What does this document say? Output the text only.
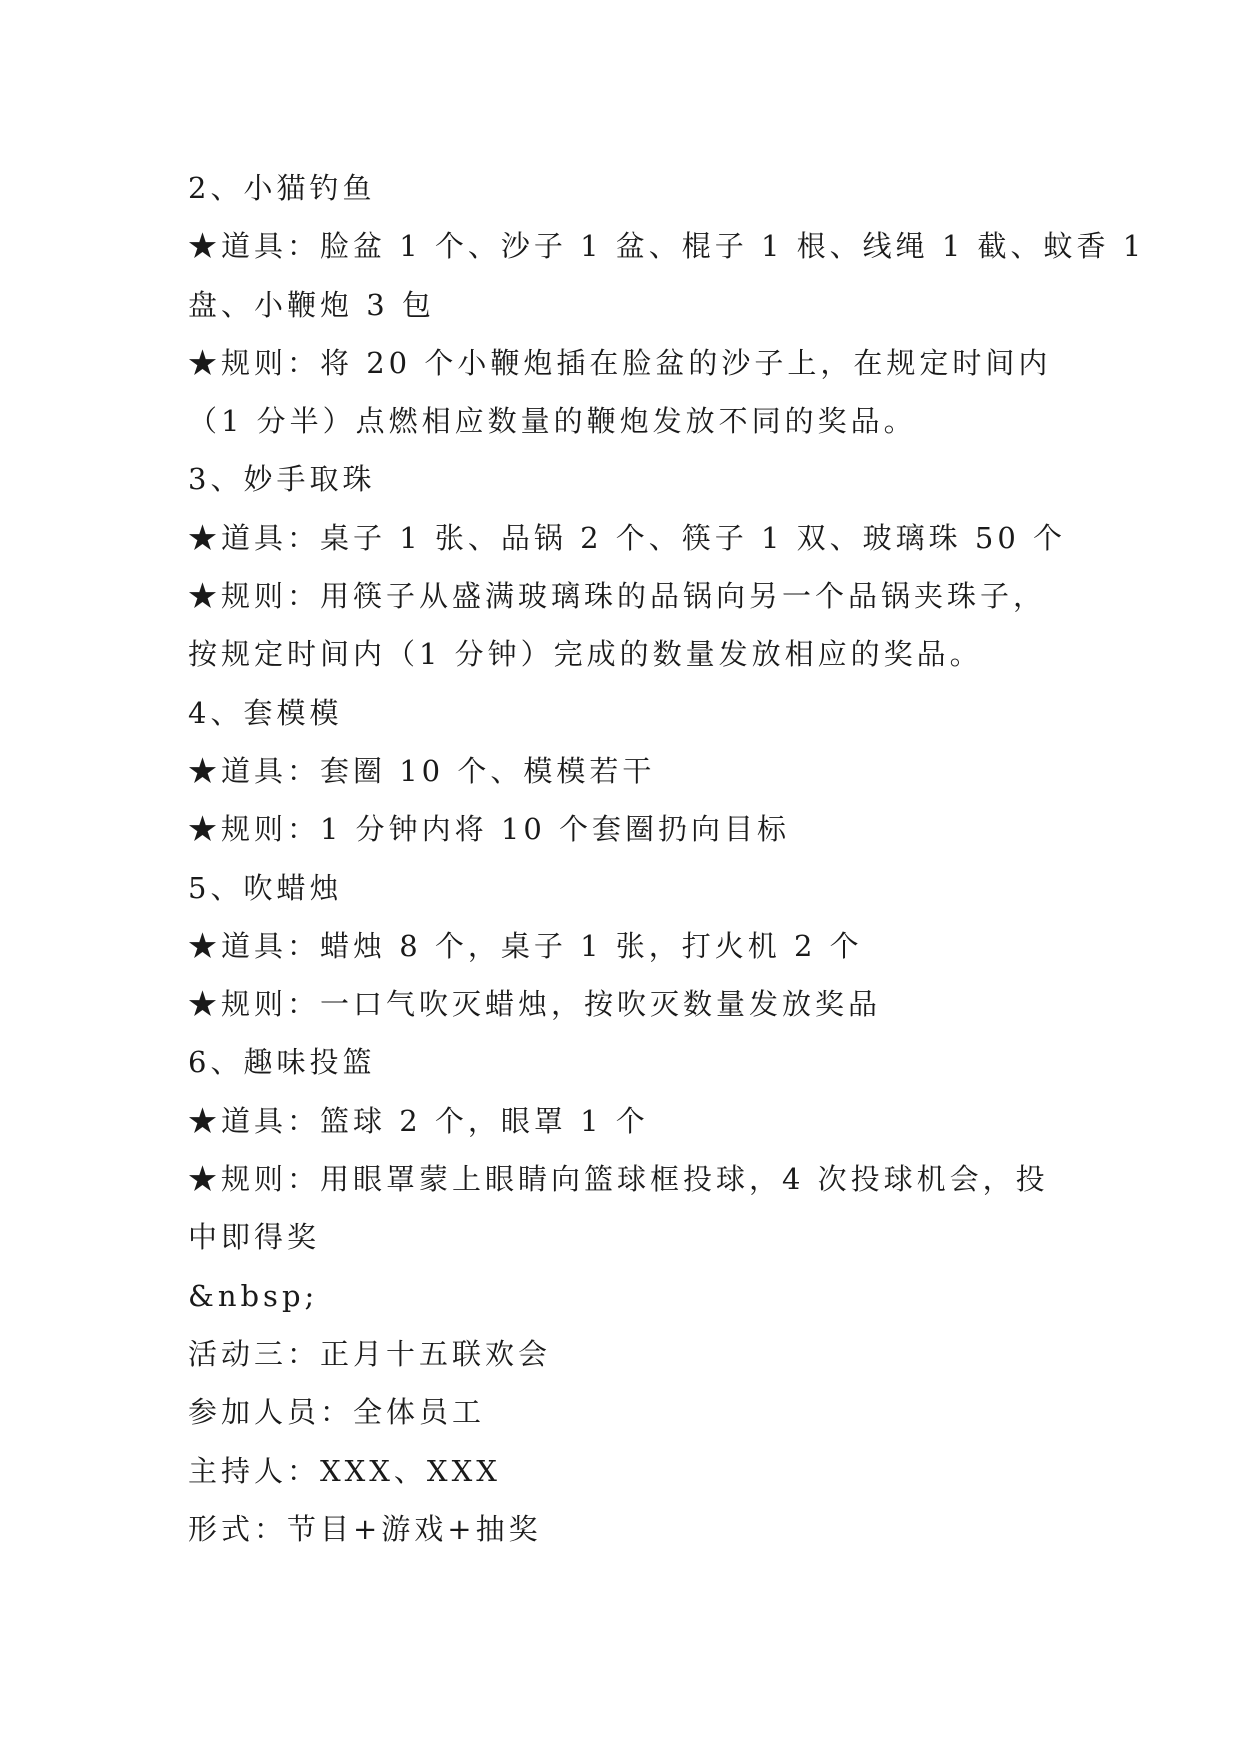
2、小猫钓鱼

★道具：脸盆 1 个、沙子 1 盆、棍子 1 根、线绳 1 截、蚊香 1

盘、小鞭炮 3 包

★规则：将 20 个小鞭炮插在脸盆的沙子上，在规定时间内

（1 分半）点燃相应数量的鞭炮发放不同的奖品。

3、妙手取珠

★道具：桌子 1 张、品锅 2 个、筷子 1 双、玻璃珠 50 个

★规则：用筷子从盛满玻璃珠的品锅向另一个品锅夹珠子，

按规定时间内（1 分钟）完成的数量发放相应的奖品。

4、套模模

★道具：套圈 10 个、模模若干

★规则：1 分钟内将 10 个套圈扔向目标

5、吹蜡烛

★道具：蜡烛 8 个，桌子 1 张，打火机 2 个

★规则：一口气吹灭蜡烛，按吹灭数量发放奖品

6、趣味投篮

★道具：篮球 2 个，眼罩 1 个

★规则：用眼罩蒙上眼睛向篮球框投球，4 次投球机会，投

中即得奖

&nbsp;

活动三：正月十五联欢会

参加人员：全体员工

主持人：XXX、XXX

形式：节目+游戏+抽奖
